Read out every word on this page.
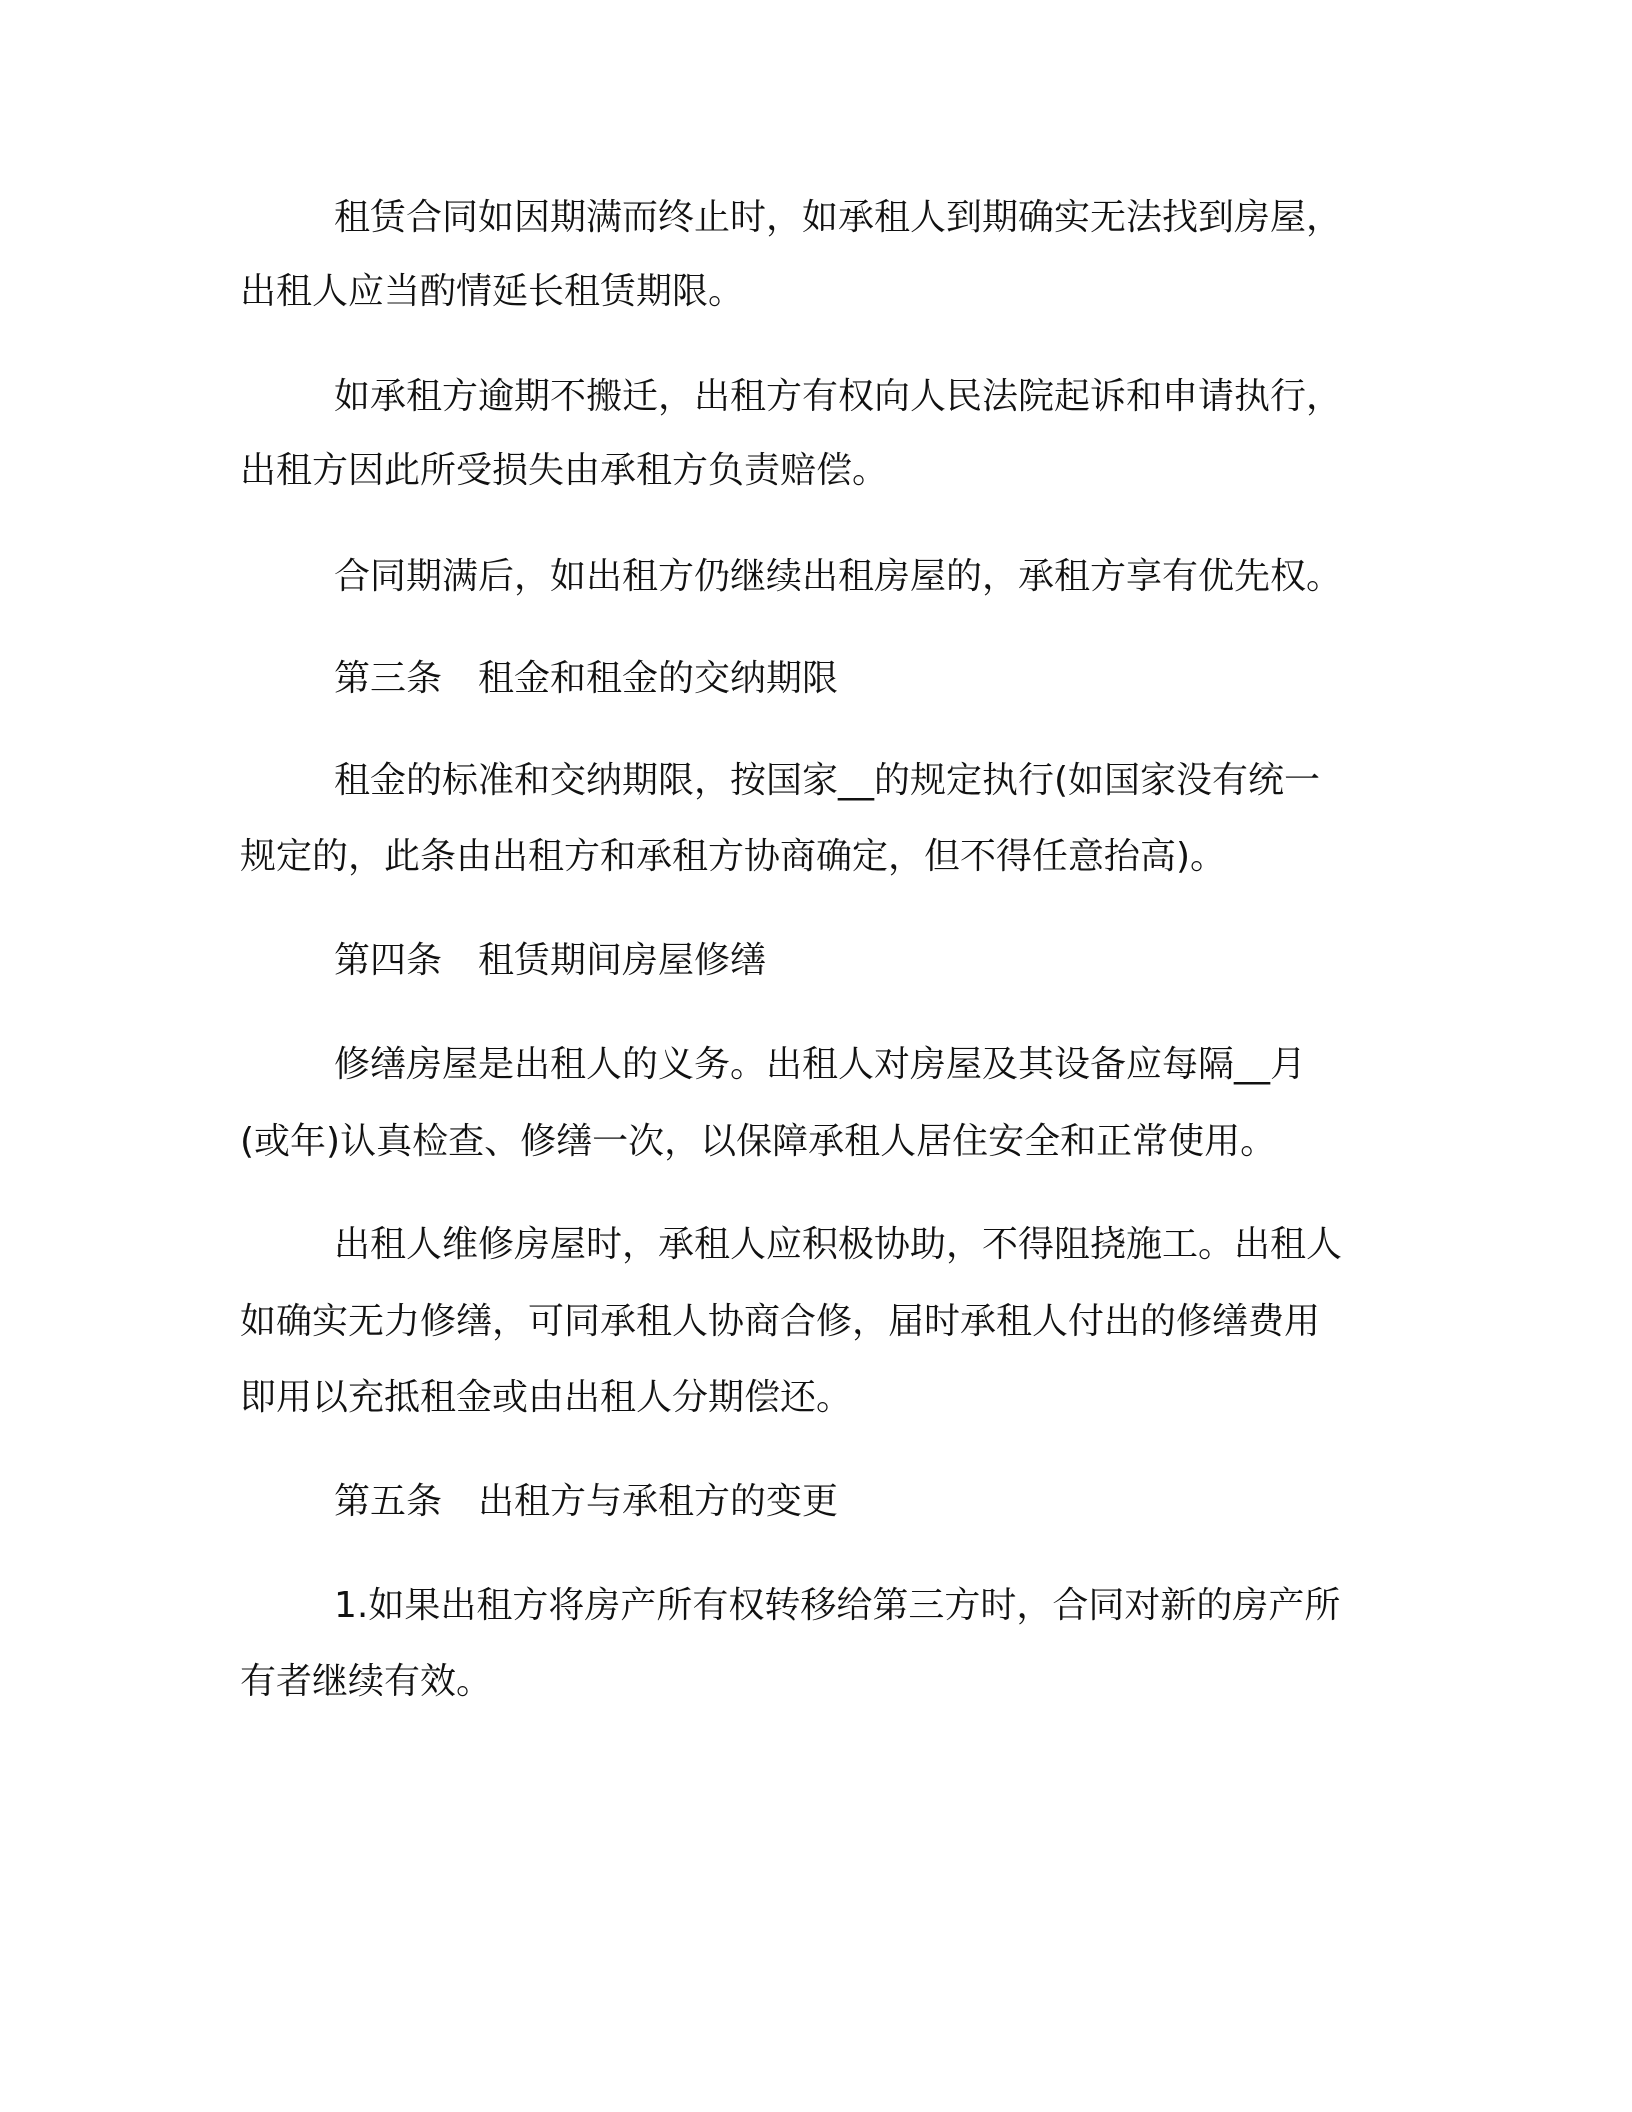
租赁合同如因期满而终止时，如承租人到期确实无法找到房屋，
出租人应当酌情延长租赁期限。
如承租方逾期不搬迁，出租方有权向人民法院起诉和申请执行，
出租方因此所受损失由承租方负责赔偿。
合同期满后，如出租方仍继续出租房屋的，承租方享有优先权。
第三条 租金和租金的交纳期限
租金的标准和交纳期限，按国家__的规定执行(如国家没有统一
规定的，此条由出租方和承租方协商确定，但不得任意抬高)。
第四条 租赁期间房屋修缮
修缮房屋是出租人的义务。出租人对房屋及其设备应每隔__月
(或年)认真检查、修缮一次，以保障承租人居住安全和正常使用。
出租人维修房屋时，承租人应积极协助，不得阻挠施工。出租人
如确实无力修缮，可同承租人协商合修，届时承租人付出的修缮费用
即用以充抵租金或由出租人分期偿还。
第五条 出租方与承租方的变更
1.如果出租方将房产所有权转移给第三方时，合同对新的房产所
有者继续有效。
